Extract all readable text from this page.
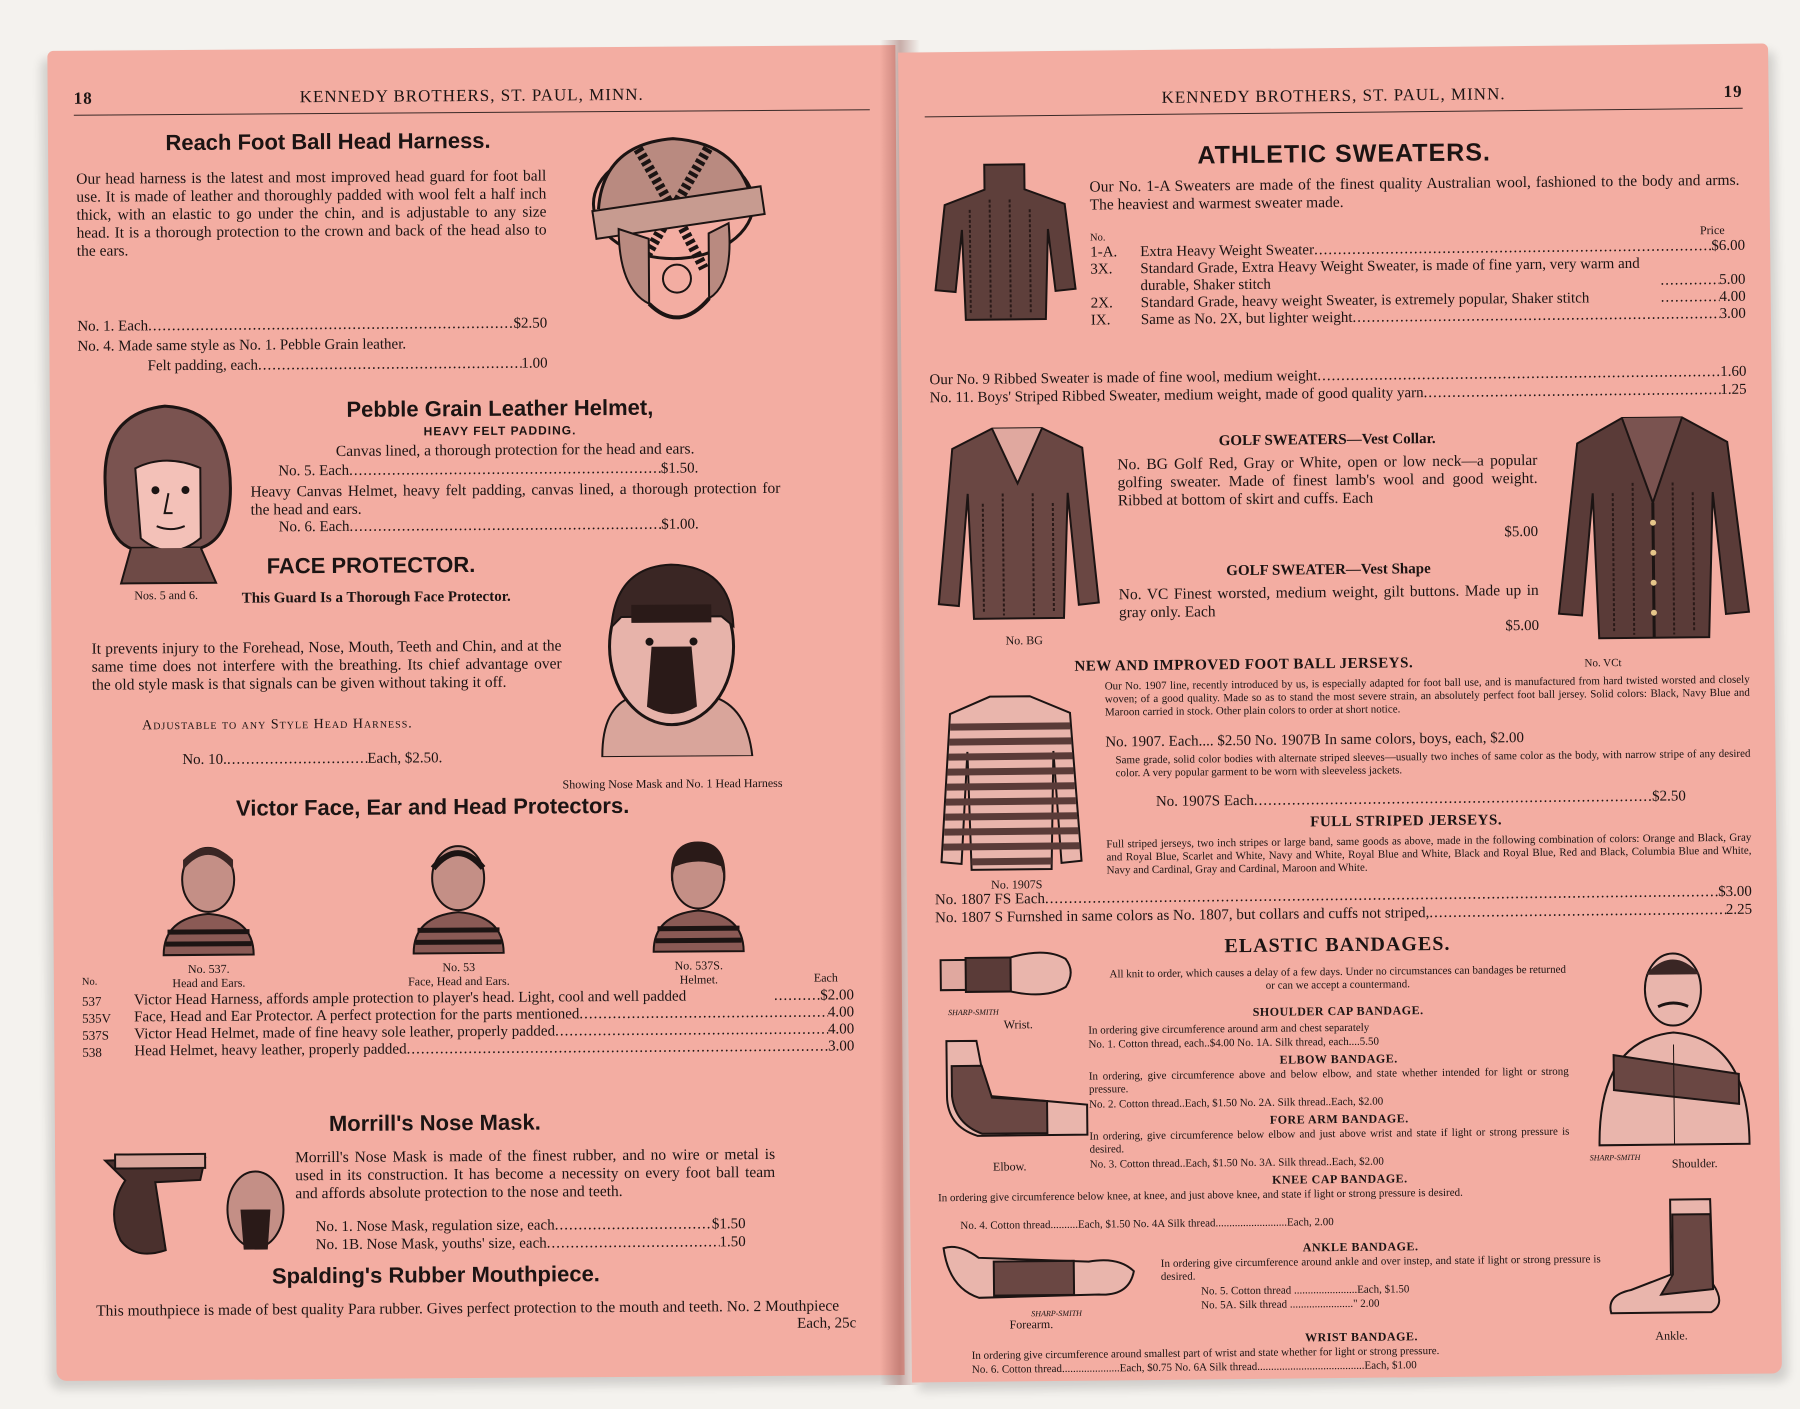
18	KENNEDY BROTHERS, ST. PAUL, MINN.
Reach Foot Ball Head Harness.
Our head harness is the latest and most improved head guard for foot ball use. It is made of leather and thoroughly padded with wool felt a half inch thick, with an elastic to go under the chin, and is adjustable to any size head. It is a thorough protection to the crown and back of the head also to the ears.
No. 1. Each .....	$2.50
No. 4. Made same style as No. 1. Pebble Grain leather.
Felt padding, each .....	1.00
Nos. 5 and 6.
Pebble Grain Leather Helmet,
HEAVY FELT PADDING.
Canvas lined, a thorough protection for the head and ears.
No. 5. Each .....	$1.50.
Heavy Canvas Helmet, heavy felt padding, canvas lined, a thorough protection for the head and ears.
No. 6. Each .....	$1.00.
FACE PROTECTOR.
This Guard Is a Thorough Face Protector.
It prevents injury to the Forehead, Nose, Mouth, Teeth and Chin, and at the same time does not interfere with the breathing. Its chief advantage over the old style mask is that signals can be given without taking it off.
Adjustable to any Style Head Harness.
No. 10. .....	Each, $2.50.
Showing Nose Mask and No. 1 Head Harness
Victor Face, Ear and Head Protectors.
No. 537.	No. 53	No. 537S.
No.	Head and Ears.	Face, Head and Ears.	Helmet.	Each
537	Victor Head Harness, affords ample protection to player's head. Light, cool and well padded .....	$2.00
535V	Face, Head and Ear Protector. A perfect protection for the parts mentioned .....	4.00
537S	Victor Head Helmet, made of fine heavy sole leather, properly padded .....	4.00
538	Head Helmet, heavy leather, properly padded .....	3.00
Morrill's Nose Mask.
Morrill's Nose Mask is made of the finest rubber, and no wire or metal is used in its construction. It has become a necessity on every foot ball team and affords absolute protection to the nose and teeth.
No. 1. Nose Mask, regulation size, each .....	$1.50
No. 1B. Nose Mask, youths' size, each .....	1.50
Spalding's Rubber Mouthpiece.
This mouthpiece is made of best quality Para rubber. Gives perfect protection to the mouth and teeth. No. 2 Mouthpiece
Each, 25c
KENNEDY BROTHERS, ST. PAUL, MINN.	19
ATHLETIC SWEATERS.
Our No. 1-A Sweaters are made of the finest quality Australian wool, fashioned to the body and arms. The heaviest and warmest sweater made.
No.
Price
1-A.	Extra Heavy Weight Sweater .....	$6.00
3X.	Standard Grade, Extra Heavy Weight Sweater, is made of fine yarn, very warm and durable, Shaker stitch .....	5.00
2X.	Standard Grade, heavy weight Sweater, is extremely popular, Shaker stitch .....	4.00
IX.	Same as No. 2X, but lighter weight .....	3.00
Our No. 9 Ribbed Sweater is made of fine wool, medium weight .....	1.60
No. 11. Boys' Striped Ribbed Sweater, medium weight, made of good quality yarn .....	1.25
No. BG
GOLF SWEATERS—Vest Collar.
No. BG Golf Red, Gray or White, open or low neck—a popular golfing sweater. Made of finest lamb's wool and good weight. Ribbed at bottom of skirt and cuffs. Each
$5.00
GOLF SWEATER—Vest Shape
No. VC Finest worsted, medium weight, gilt buttons. Made up in gray only. Each
$5.00
NEW AND IMPROVED FOOT BALL JERSEYS.	No. VCt
No. 1907S
Our No. 1907 line, recently introduced by us, is especially adapted for foot ball use, and is manufactured from hard twisted worsted and closely woven; of a good quality. Made so as to stand the most severe strain, an absolutely perfect foot ball jersey. Solid colors: Black, Navy Blue and Maroon carried in stock. Other plain colors to order at short notice.
No. 1907. Each.... $2.50 No. 1907B In same colors, boys, each, $2.00
Same grade, solid color bodies with alternate striped sleeves—usually two inches of same color as the body, with narrow stripe of any desired color. A very popular garment to be worn with sleeveless jackets.
No. 1907S Each .....	$2.50
FULL STRIPED JERSEYS.
Full striped jerseys, two inch stripes or large band, same goods as above, made in the following combination of colors: Orange and Black, Gray and Royal Blue, Scarlet and White, Navy and White, Royal Blue and White, Black and Royal Blue, Red and Black, Columbia Blue and White, Navy and Cardinal, Gray and Cardinal, Maroon and White.
No. 1807 FS Each .....	$3.00
No. 1807 S Furnshed in same colors as No. 1807, but collars and cuffs not striped, .....	2.25
ELASTIC BANDAGES.
SHARP-SMITH
Wrist.
Elbow.
All knit to order, which causes a delay of a few days. Under no circumstances can bandages be returned or can we accept a countermand.
SHOULDER CAP BANDAGE.
In ordering give circumference around arm and chest separately
No. 1. Cotton thread, each..$4.00 No. 1A. Silk thread, each....5.50
ELBOW BANDAGE.
In ordering, give circumference above and below elbow, and state whether intended for light or strong pressure.
No. 2. Cotton thread..Each, $1.50 No. 2A. Silk thread..Each, $2.00
FORE ARM BANDAGE.
In ordering, give circumference below elbow and just above wrist and state if light or strong pressure is desired.
No. 3. Cotton thread..Each, $1.50 No. 3A. Silk thread..Each, $2.00
KNEE CAP BANDAGE.
In ordering give circumference below knee, at knee, and just above knee, and state if light or strong pressure is desired.
No. 4. Cotton thread..........Each, $1.50 No. 4A Silk thread..........................Each, 2.00
SHARP-SMITH	Shoulder.
SHARP-SMITH
Forearm.
ANKLE BANDAGE.
In ordering give circumference around ankle and over instep, and state if light or strong pressure is desired.
No. 5. Cotton thread .......................Each, $1.50
No. 5A. Silk thread ......................." 2.00
Ankle.
WRIST BANDAGE.
In ordering give circumference around smallest part of wrist and state whether for light or strong pressure.
No. 6. Cotton thread.....................Each, $0.75 No. 6A Silk thread.......................................Each, $1.00
